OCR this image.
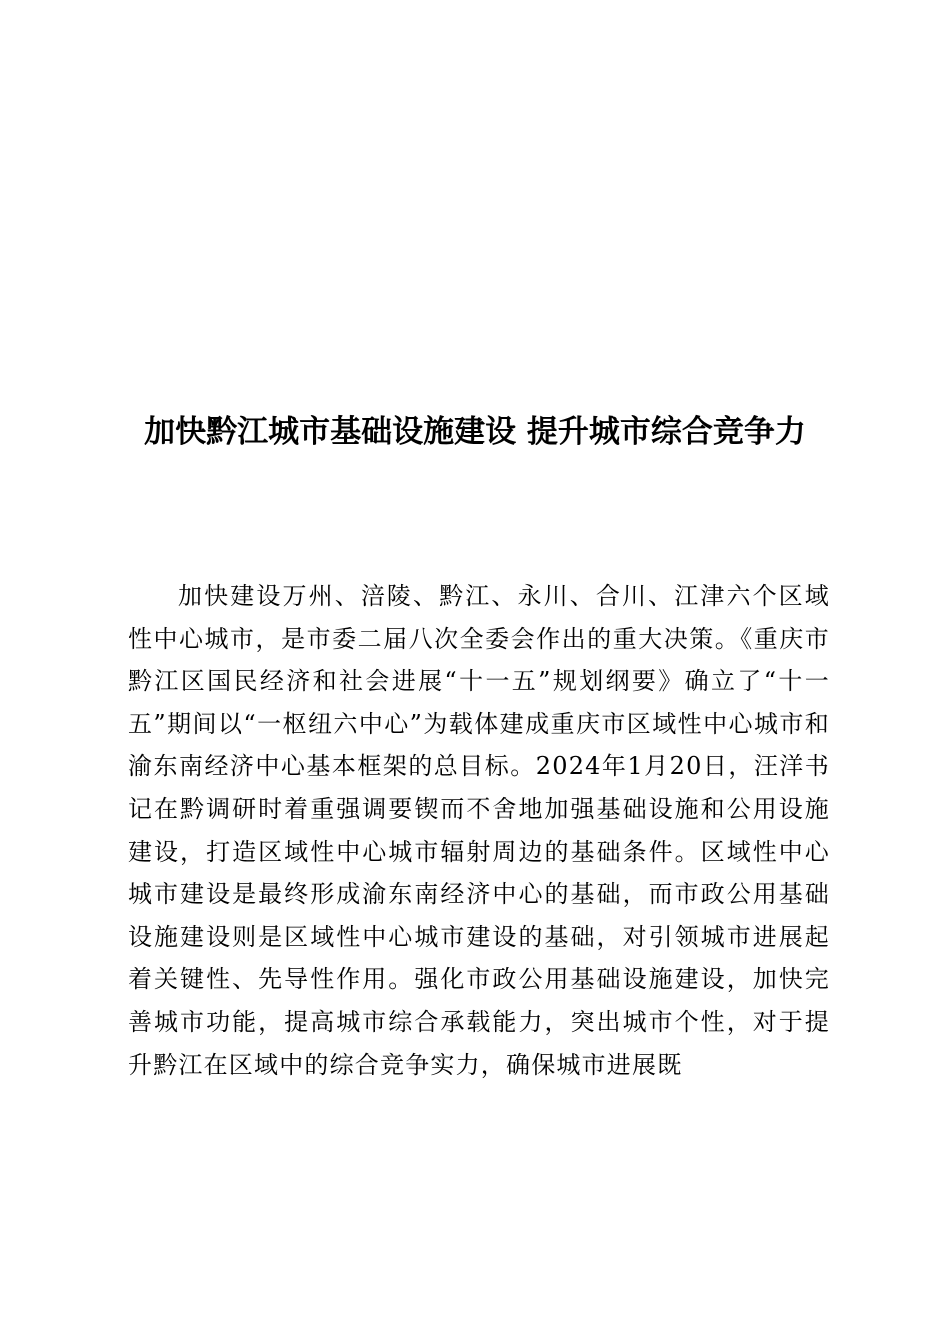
加快黔江城市基础设施建设 提升城市综合竞争力

加快建设万州、涪陵、黔江、永川、合川、江津六个区域性中心城市，是市委二届八次全委会作出的重大决策。《重庆市黔江区国民经济和社会进展“十一五”规划纲要》确立了“十一五”期间以“一枢纽六中心”为载体建成重庆市区域性中心城市和渝东南经济中心基本框架的总目标。2024年1月20日，汪洋书记在黔调研时着重强调要锲而不舍地加强基础设施和公用设施建设，打造区域性中心城市辐射周边的基础条件。区域性中心城市建设是最终形成渝东南经济中心的基础，而市政公用基础设施建设则是区域性中心城市建设的基础，对引领城市进展起着关键性、先导性作用。强化市政公用基础设施建设，加快完善城市功能，提高城市综合承载能力，突出城市个性，对于提升黔江在区域中的综合竞争实力，确保城市进展既
